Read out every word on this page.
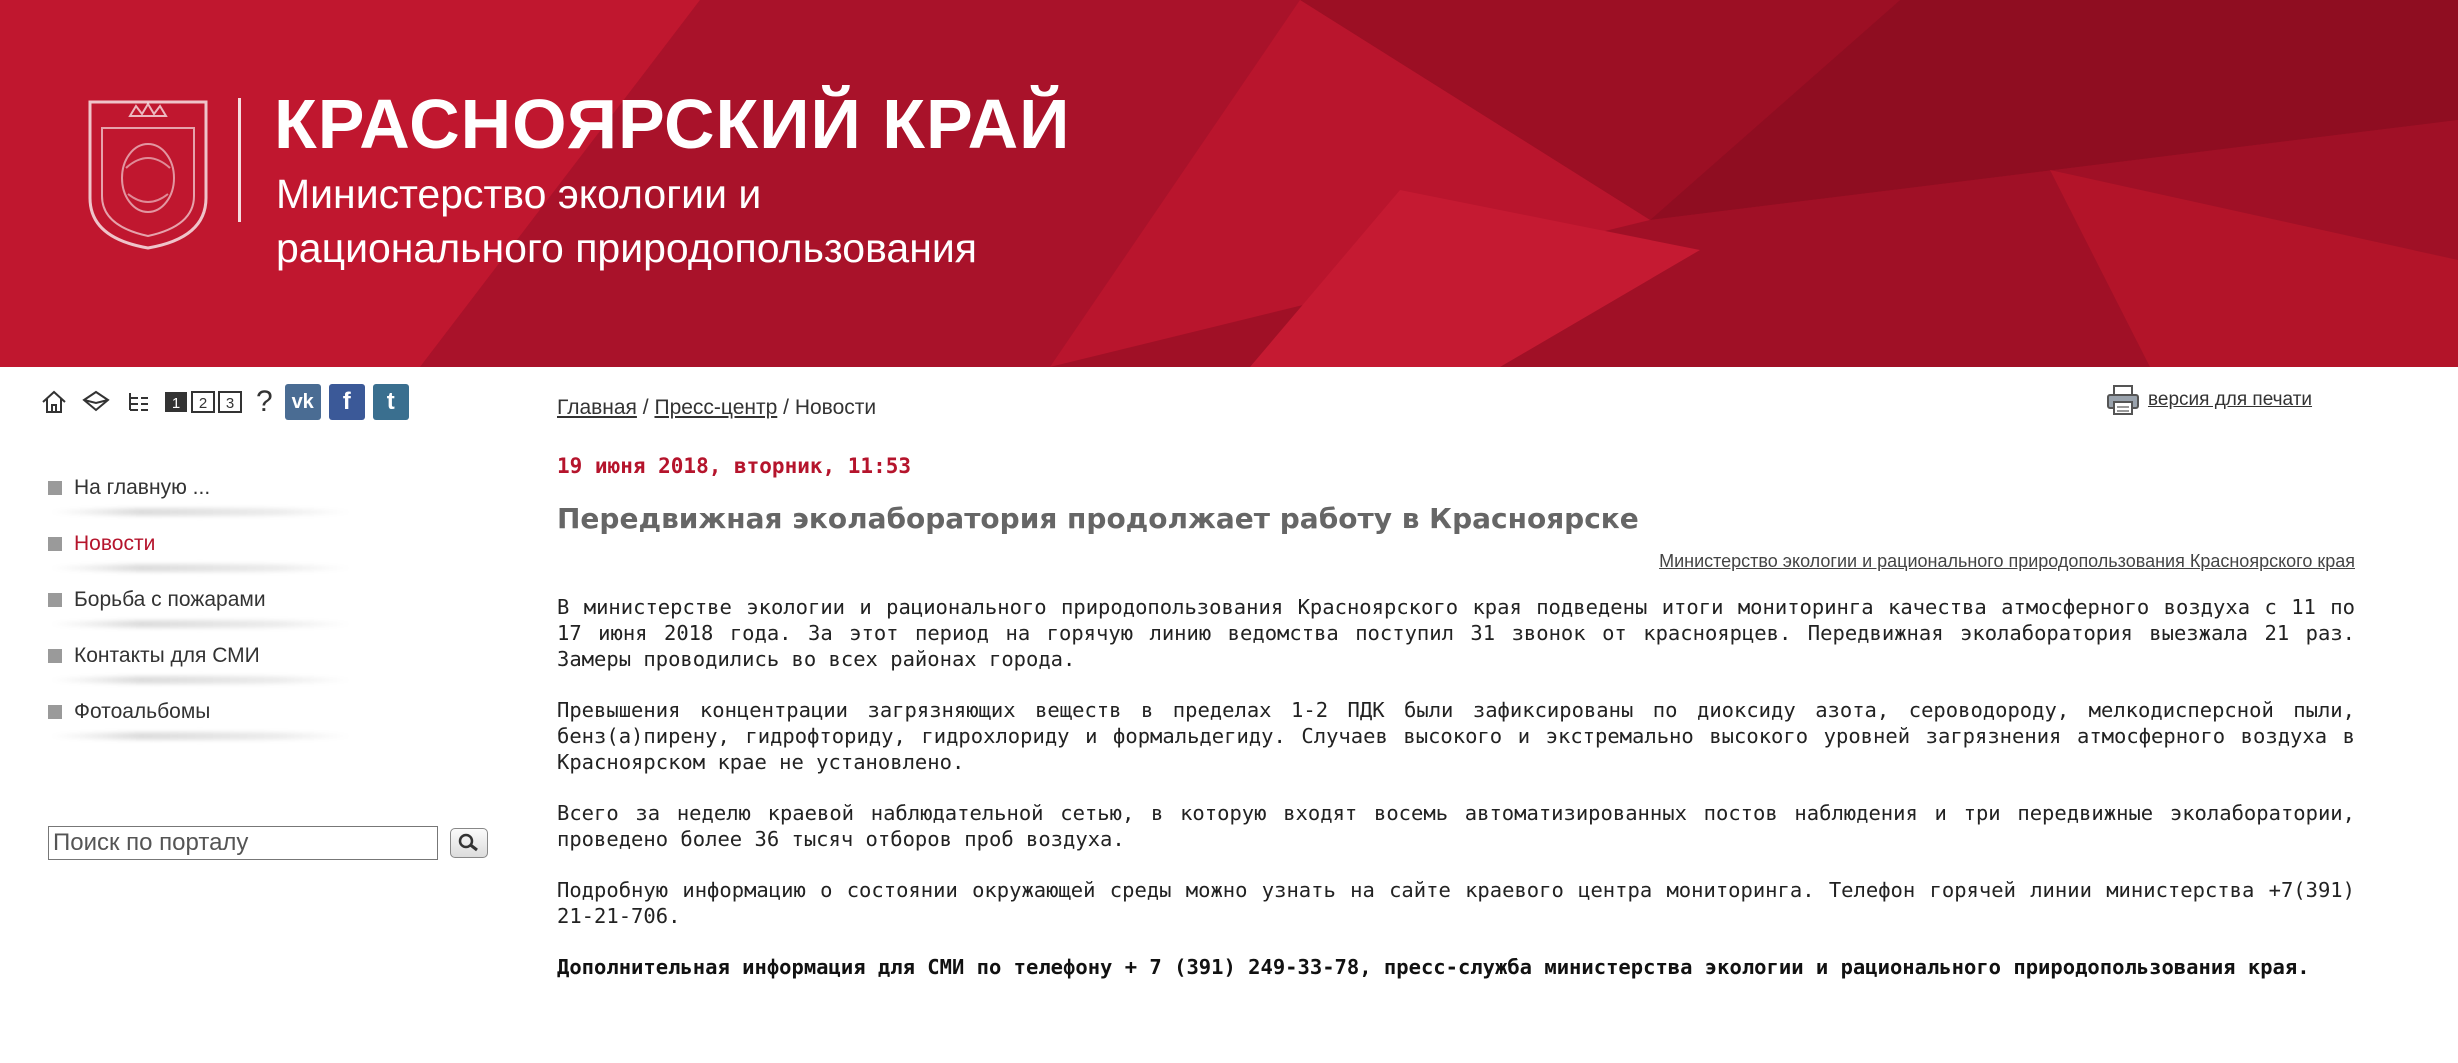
КРАСНОЯРСКИЙ КРАЙ
Министерство экологии и
рационального природопользования
1 2 3 ? vk	f	t
На главную ...
Новости
Борьба с пожарами
Контакты для СМИ
Фотоальбомы
Поиск по порталу
Главная / Пресс-центр / Новости	версия для печати
19 июня 2018, вторник, 11:53
Передвижная эколаборатория продолжает работу в Красноярске
Министерство экологии и рационального природопользования Красноярского края

В министерстве экологии и рационального природопользования Красноярского края подведены итоги мониторинга качества атмосферного воздуха с 11 по 17 июня 2018 года. За этот период на горячую линию ведомства поступил 31 звонок от красноярцев. Передвижная эколаборатория выезжала 21 раз. Замеры проводились во всех районах города.

Превышения концентрации загрязняющих веществ в пределах 1-2 ПДК были зафиксированы по диоксиду азота, сероводороду, мелкодисперсной пыли, бенз(а)пирену, гидрофториду, гидрохлориду и формальдегиду. Случаев высокого и экстремально высокого уровней загрязнения атмосферного воздуха в Красноярском крае не установлено.

Всего за неделю краевой наблюдательной сетью, в которую входят восемь автоматизированных постов наблюдения и три передвижные эколаборатории, проведено более 36 тысяч отборов проб воздуха.

Подробную информацию о состоянии окружающей среды можно узнать на сайте краевого центра мониторинга. Телефон горячей линии министерства +7(391) 21-21-706.

Дополнительная информация для СМИ по телефону + 7 (391) 249-33-78, пресс-служба министерства экологии и рационального природопользования края.
